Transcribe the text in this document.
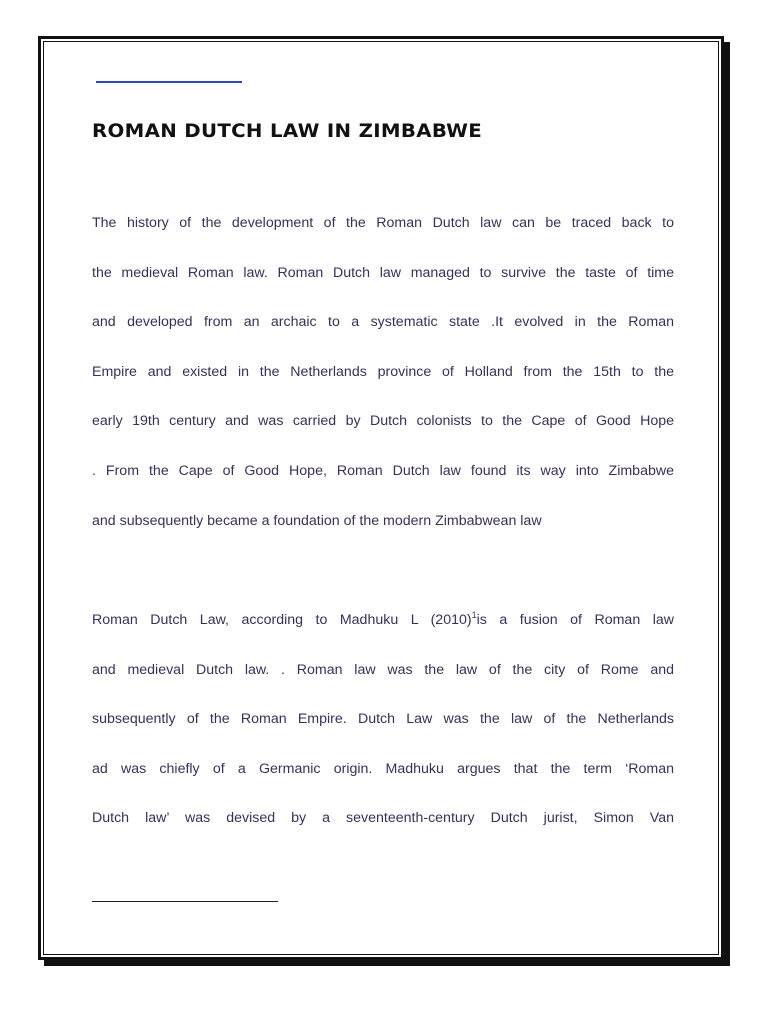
ROMAN DUTCH LAW IN ZIMBABWE
The history of the development of the Roman Dutch law can be traced back to
the medieval Roman law. Roman Dutch law managed to survive the taste of time
and developed from an archaic to a systematic state .It evolved in the Roman
Empire and existed in the Netherlands province of Holland from the 15th to the
early 19th century and was carried by Dutch colonists to the Cape of Good Hope
. From the Cape of Good Hope, Roman Dutch law found its way into Zimbabwe
and subsequently became a foundation of the modern Zimbabwean law
Roman Dutch Law, according to Madhuku L $(2010)^1is$ a fusion of Roman law
and medieval Dutch law. . Roman law was the law of the city of Rome and
subsequently of the Roman Empire. Dutch Law was the law of the Netherlands
ad was chiefly of a Germanic origin. Madhuku argues that the term ‘Roman
Dutch law’ was devised by a seventeenth-century Dutch jurist, Simon Van
